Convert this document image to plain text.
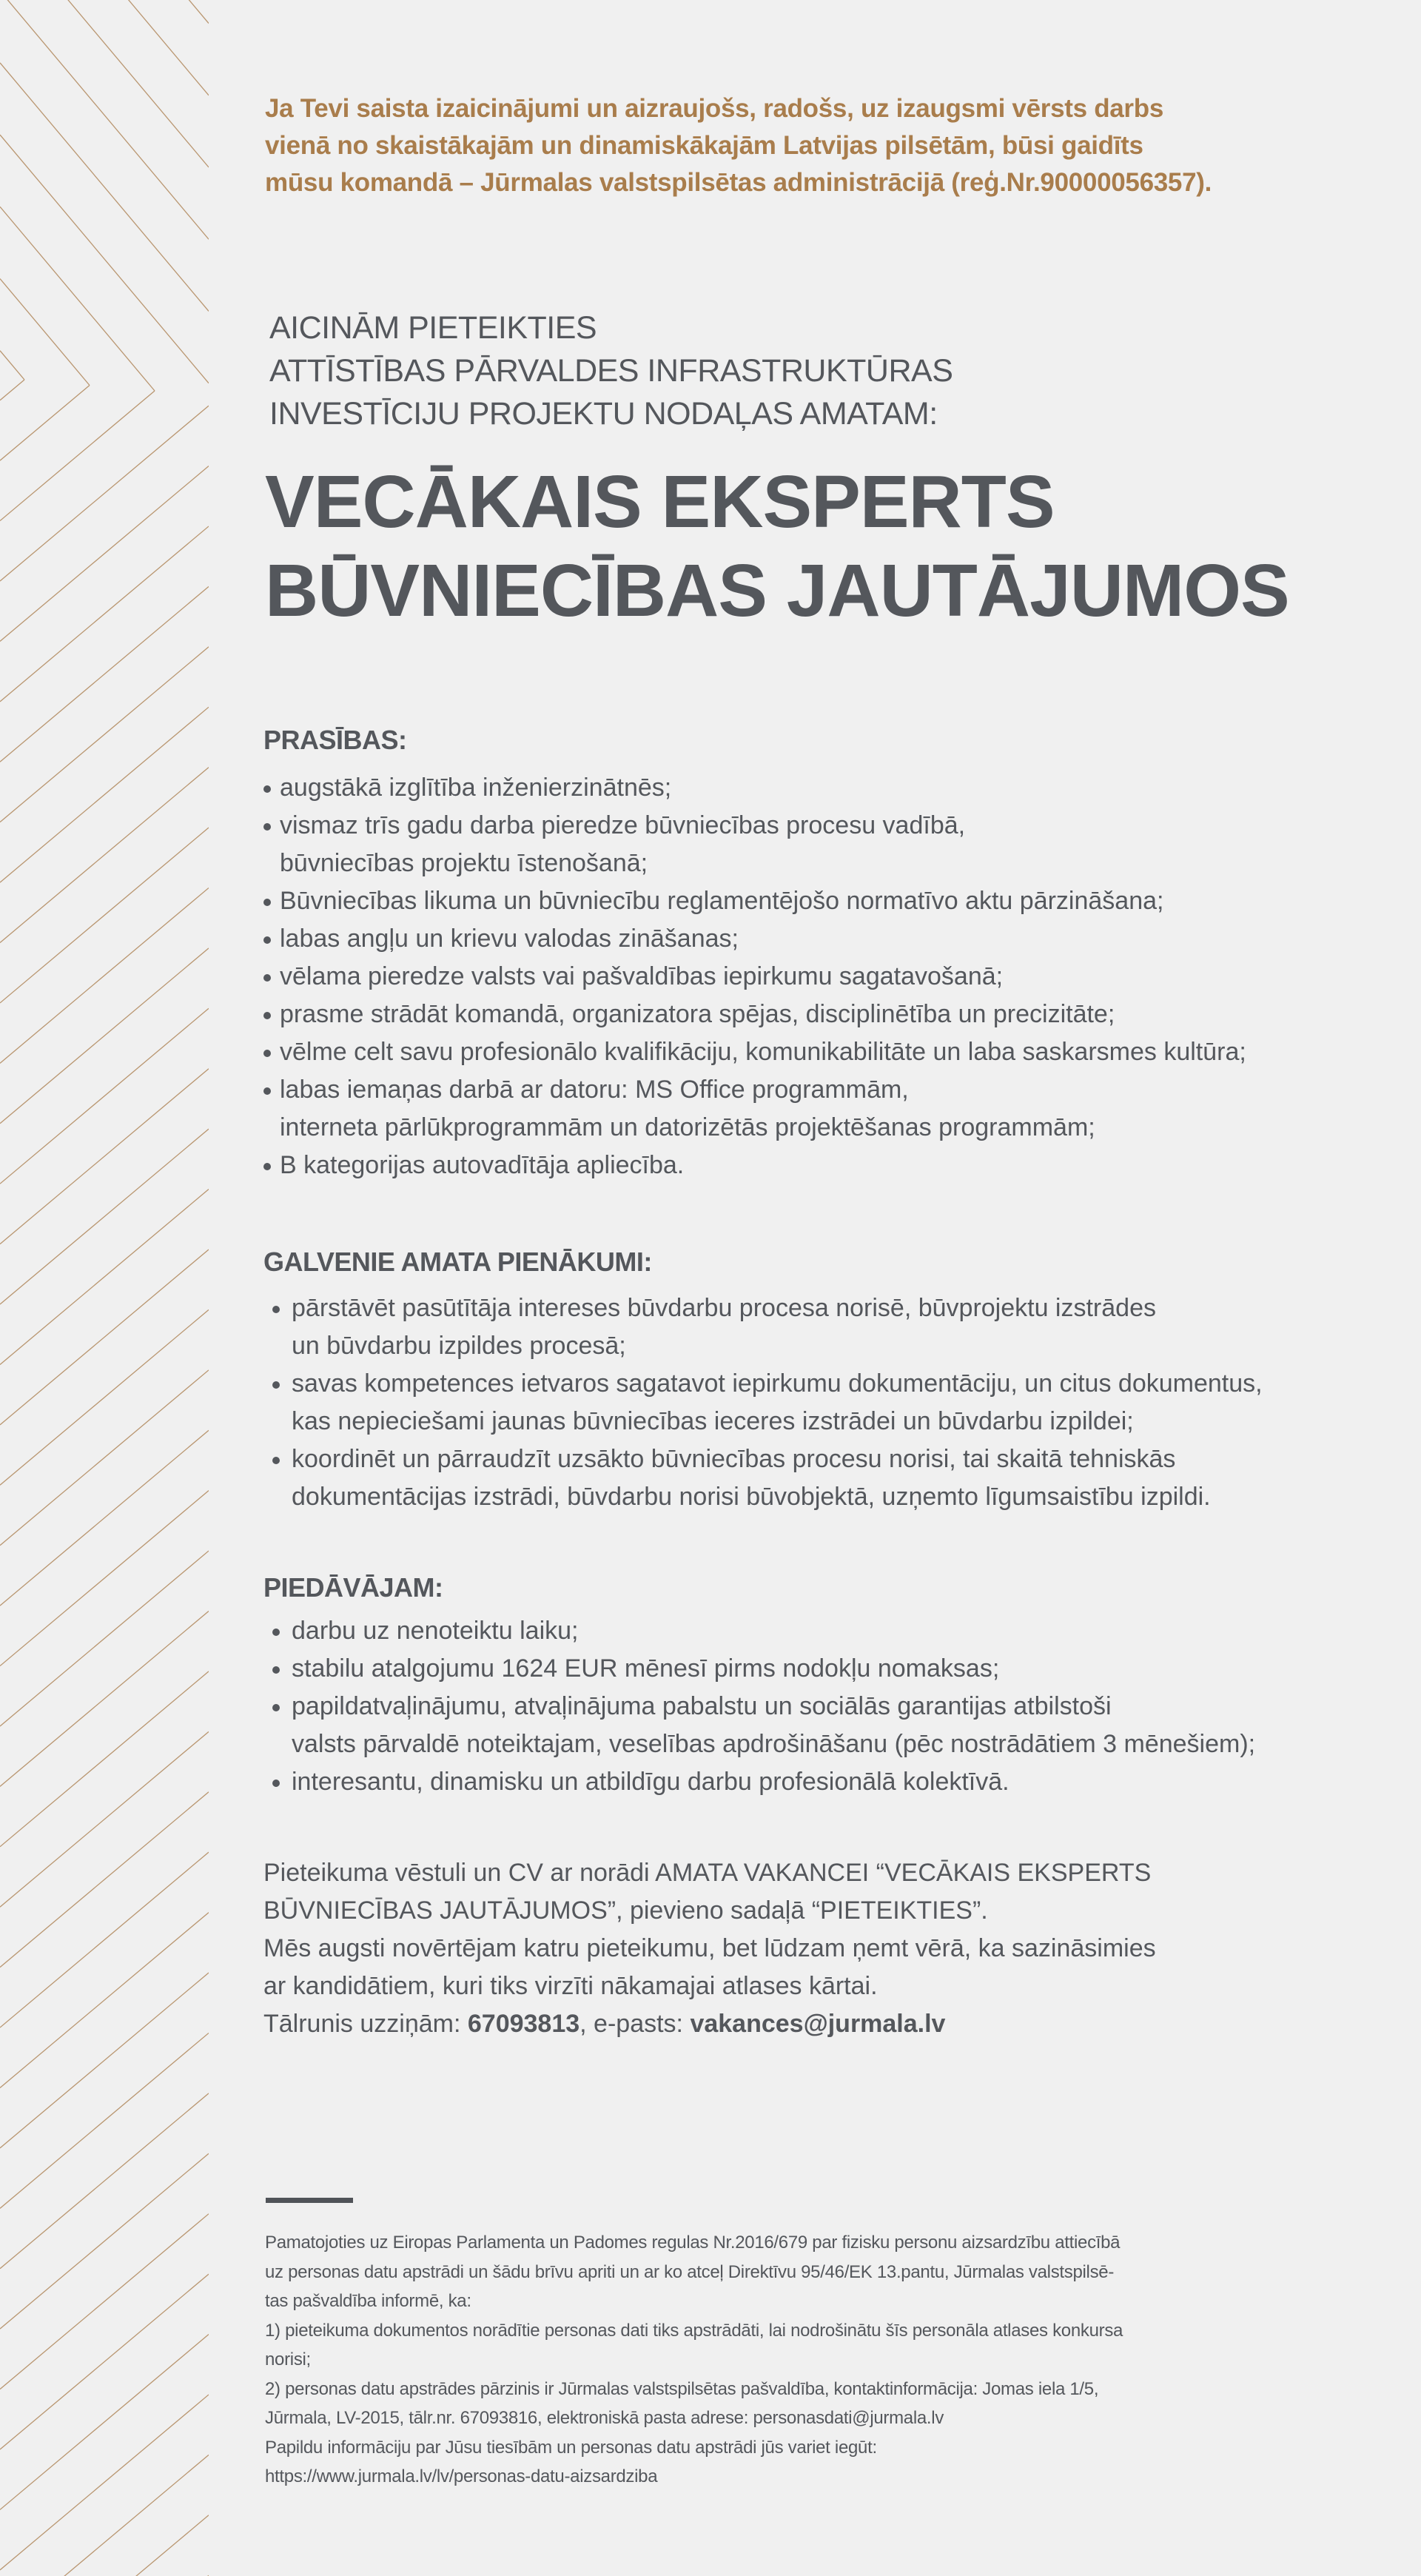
Ja Tevi saista izaicinājumi un aizraujošs, radošs, uz izaugsmi vērsts darbs
vienā no skaistākajām un dinamiskākajām Latvijas pilsētām, būsi gaidīts
mūsu komandā – Jūrmalas valstspilsētas administrācijā (reģ.Nr.90000056357).
AICINĀM PIETEIKTIES
ATTĪSTĪBAS PĀRVALDES INFRASTRUKTŪRAS
INVESTĪCIJU PROJEKTU NODAĻAS AMATAM:
VECĀKAIS EKSPERTS
BŪVNIECĪBAS JAUTĀJUMOS
PRASĪBAS:
augstākā izglītība inženierzinātnēs;
vismaz trīs gadu darba pieredze būvniecības procesu vadībā,
būvniecības projektu īstenošanā;
Būvniecības likuma un būvniecību reglamentējošo normatīvo aktu pārzināšana;
labas angļu un krievu valodas zināšanas;
vēlama pieredze valsts vai pašvaldības iepirkumu sagatavošanā;
prasme strādāt komandā, organizatora spējas, disciplinētība un precizitāte;
vēlme celt savu profesionālo kvalifikāciju, komunikabilitāte un laba saskarsmes kultūra;
labas iemaņas darbā ar datoru: MS Office programmām,
interneta pārlūkprogrammām un datorizētās projektēšanas programmām;
B kategorijas autovadītāja apliecība.
GALVENIE AMATA PIENĀKUMI:
pārstāvēt pasūtītāja intereses būvdarbu procesa norisē, būvprojektu izstrādes
un būvdarbu izpildes procesā;
savas kompetences ietvaros sagatavot iepirkumu dokumentāciju, un citus dokumentus,
kas nepieciešami jaunas būvniecības ieceres izstrādei un būvdarbu izpildei;
koordinēt un pārraudzīt uzsākto būvniecības procesu norisi, tai skaitā tehniskās
dokumentācijas izstrādi, būvdarbu norisi būvobjektā, uzņemto līgumsaistību izpildi.
PIEDĀVĀJAM:
darbu uz nenoteiktu laiku;
stabilu atalgojumu 1624 EUR mēnesī pirms nodokļu nomaksas;
papildatvaļinājumu, atvaļinājuma pabalstu un sociālās garantijas atbilstoši
valsts pārvaldē noteiktajam, veselības apdrošināšanu (pēc nostrādātiem 3 mēnešiem);
interesantu, dinamisku un atbildīgu darbu profesionālā kolektīvā.
Pieteikuma vēstuli un CV ar norādi AMATA VAKANCEI “VECĀKAIS EKSPERTS
BŪVNIECĪBAS JAUTĀJUMOS”, pievieno sadaļā “PIETEIKTIES”.
Mēs augsti novērtējam katru pieteikumu, bet lūdzam ņemt vērā, ka sazināsimies
ar kandidātiem, kuri tiks virzīti nākamajai atlases kārtai.
Tālrunis uzziņām: 67093813, e-pasts: vakances@jurmala.lv
Pamatojoties uz Eiropas Parlamenta un Padomes regulas Nr.2016/679 par fizisku personu aizsardzību attiecībā
uz personas datu apstrādi un šādu brīvu apriti un ar ko atceļ Direktīvu 95/46/EK 13.pantu, Jūrmalas valstspilsē-
tas pašvaldība informē, ka:
1) pieteikuma dokumentos norādītie personas dati tiks apstrādāti, lai nodrošinātu šīs personāla atlases konkursa
norisi;
2) personas datu apstrādes pārzinis ir Jūrmalas valstspilsētas pašvaldība, kontaktinformācija: Jomas iela 1/5,
Jūrmala, LV-2015, tālr.nr. 67093816, elektroniskā pasta adrese: personasdati@jurmala.lv
Papildu informāciju par Jūsu tiesībām un personas datu apstrādi jūs variet iegūt:
https://www.jurmala.lv/lv/personas-datu-aizsardziba
